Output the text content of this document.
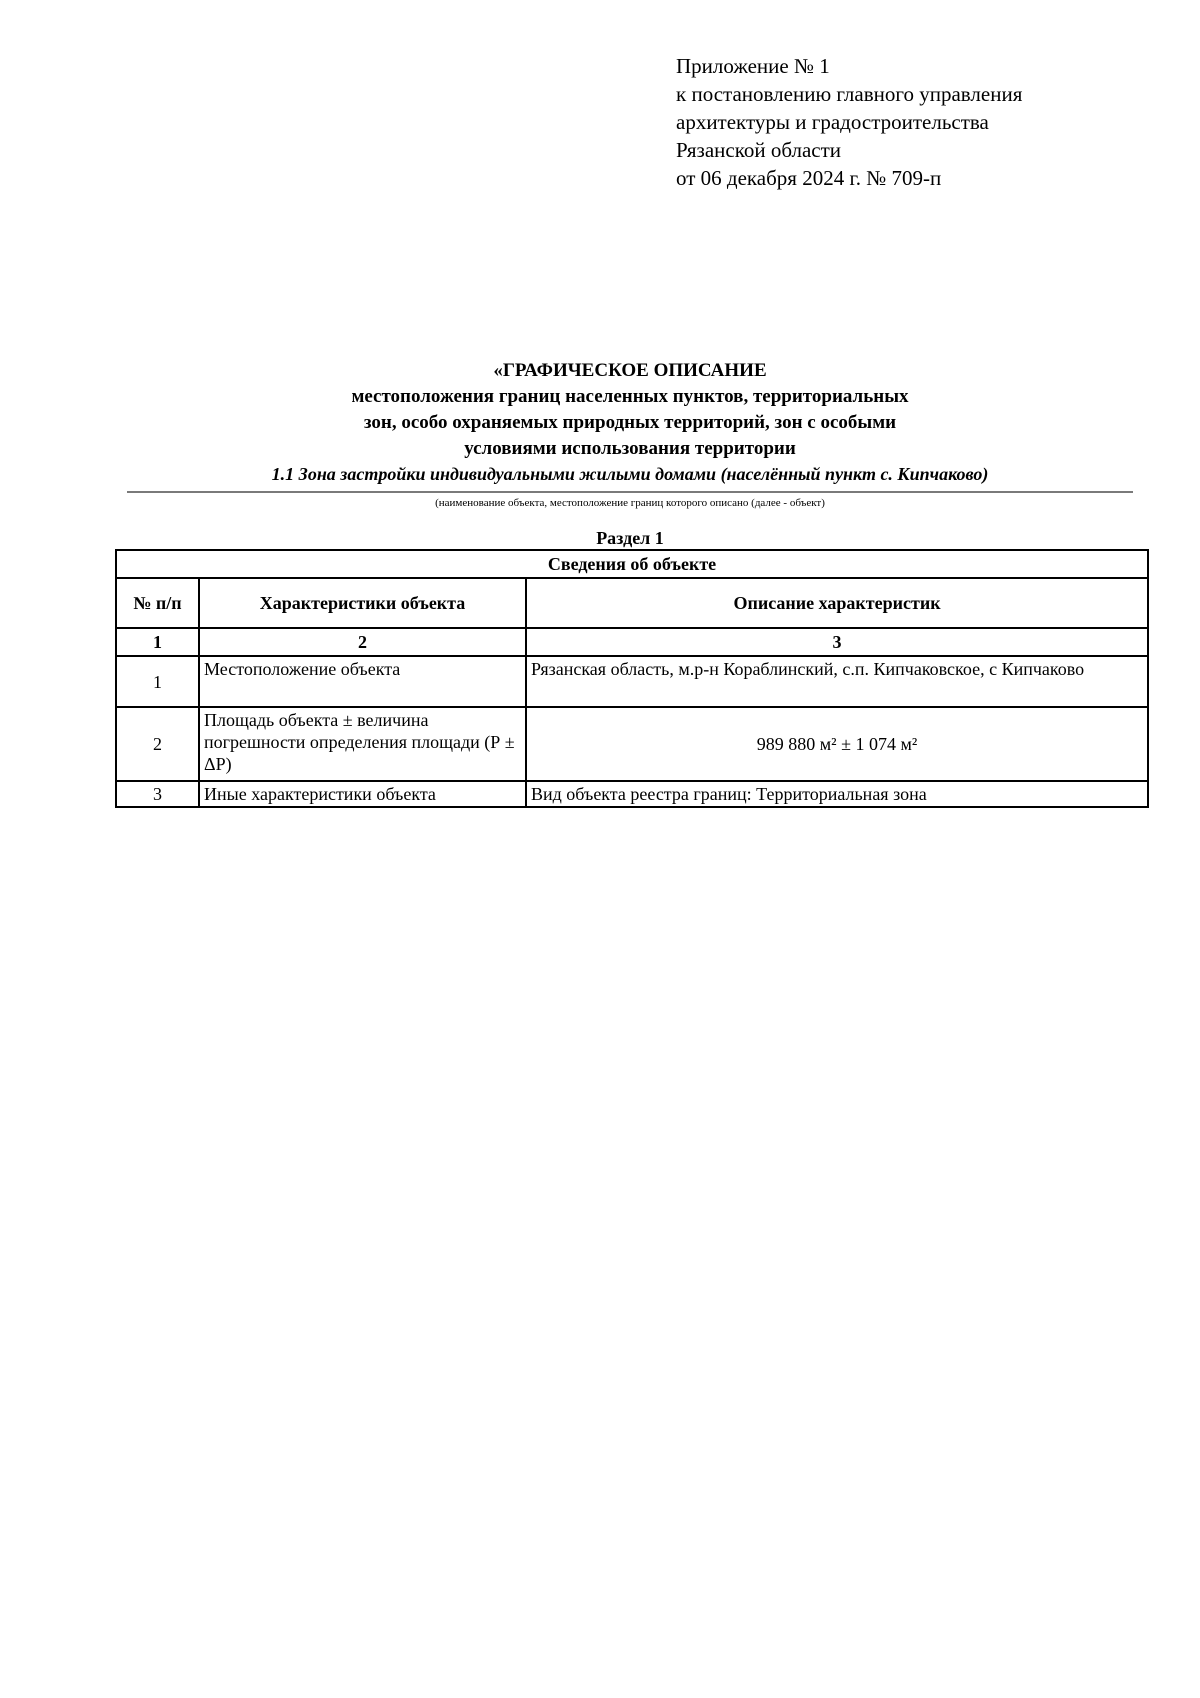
Приложение № 1
к постановлению главного управления
архитектуры и градостроительства
Рязанской области
от 06 декабря 2024 г. № 709-п
«ГРАФИЧЕСКОЕ ОПИСАНИЕ
местоположения границ населенных пунктов, территориальных
зон, особо охраняемых природных территорий, зон с особыми
условиями использования территории
1.1 Зона застройки индивидуальными жилыми домами (населённый пункт с. Кипчаково)
(наименование объекта, местоположение границ которого описано (далее - объект)
Раздел 1
Сведения об объекте		
№ п/п	Характеристики объекта	Описание характеристик
1	2	3
1	Местоположение объекта	Рязанская область, м.р-н Кораблинский, с.п. Кипчаковское, с Кипчаково
2	Площадь объекта ± величина погрешности определения площади (Р ± ΔР)	989 880 м² ± 1 074 м²
3	Иные характеристики объекта	Вид объекта реестра границ: Территориальная зона
